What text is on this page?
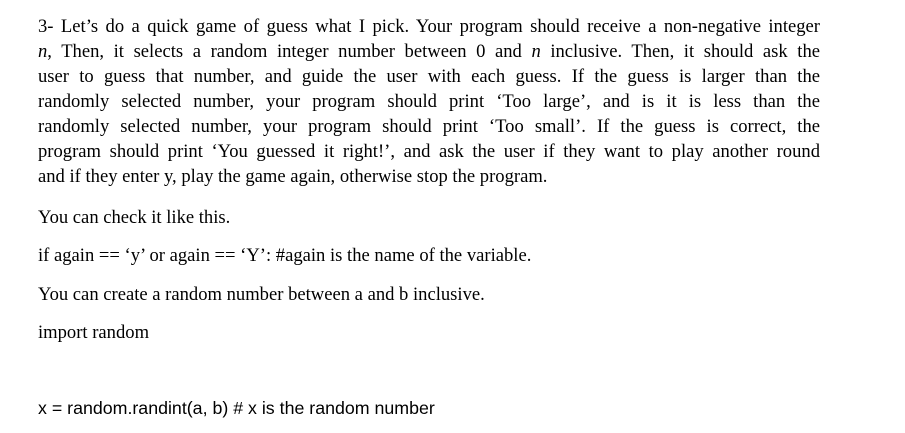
3- Let’s do a quick game of guess what I pick. Your program should receive a non-negative integer
n, Then, it selects a random integer number between 0 and n inclusive. Then, it should ask the
user to guess that number, and guide the user with each guess. If the guess is larger than the
randomly selected number, your program should print ‘Too large’, and is it is less than the
randomly selected number, your program should print ‘Too small’. If the guess is correct, the
program should print ‘You guessed it right!’, and ask the user if they want to play another round
and if they enter y, play the game again, otherwise stop the program.

You can check it like this.

if again == ‘y’ or again == ‘Y’: #again is the name of the variable.

You can create a random number between a and b inclusive.

import random

x = random.randint(a, b) # x is the random number
